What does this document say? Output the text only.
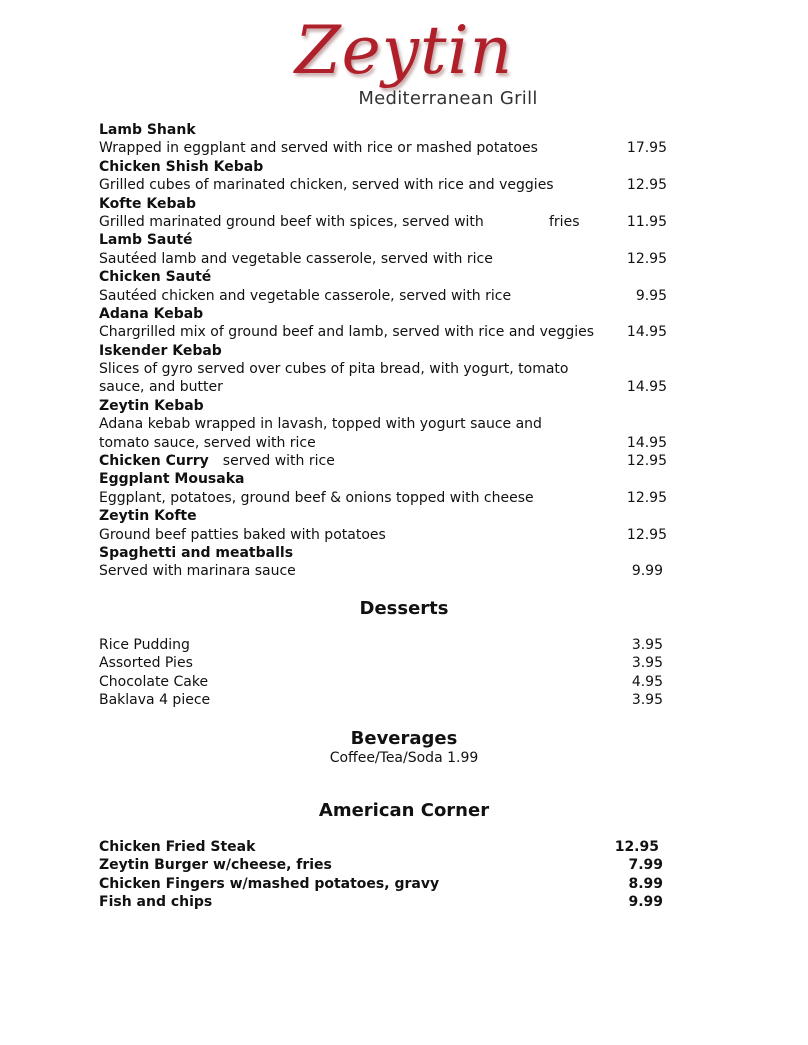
Zeytin
Mediterranean Grill
Lamb Shank
Wrapped in eggplant and served with rice or mashed potatoes	17.95
Chicken Shish Kebab
Grilled cubes of marinated chicken, served with rice and veggies	12.95
Kofte Kebab
Grilled marinated ground beef with spices, served with	fries	11.95
Lamb Sauté
Sautéed lamb and vegetable casserole, served with rice	12.95
Chicken Sauté
Sautéed chicken and vegetable casserole, served with rice	9.95
Adana Kebab
Chargrilled mix of ground beef and lamb, served with rice and veggies 14.95
Iskender Kebab
Slices of gyro served over cubes of pita bread, with yogurt, tomato
sauce, and butter	14.95
Zeytin Kebab
Adana kebab wrapped in lavash, topped with yogurt sauce and
tomato sauce, served with rice	14.95
Chicken Curry served with rice	12.95
Eggplant Mousaka
Eggplant, potatoes, ground beef & onions topped with cheese	12.95
Zeytin Kofte
Ground beef patties baked with potatoes	12.95
Spaghetti and meatballs
Served with marinara sauce	9.99
Desserts
Rice Pudding	3.95
Assorted Pies	3.95
Chocolate Cake	4.95
Baklava 4 piece	3.95
Beverages
Coffee/Tea/Soda 1.99
American Corner
Chicken Fried Steak	12.95
Zeytin Burger w/cheese, fries	7.99
Chicken Fingers w/mashed potatoes, gravy	8.99
Fish and chips	9.99
